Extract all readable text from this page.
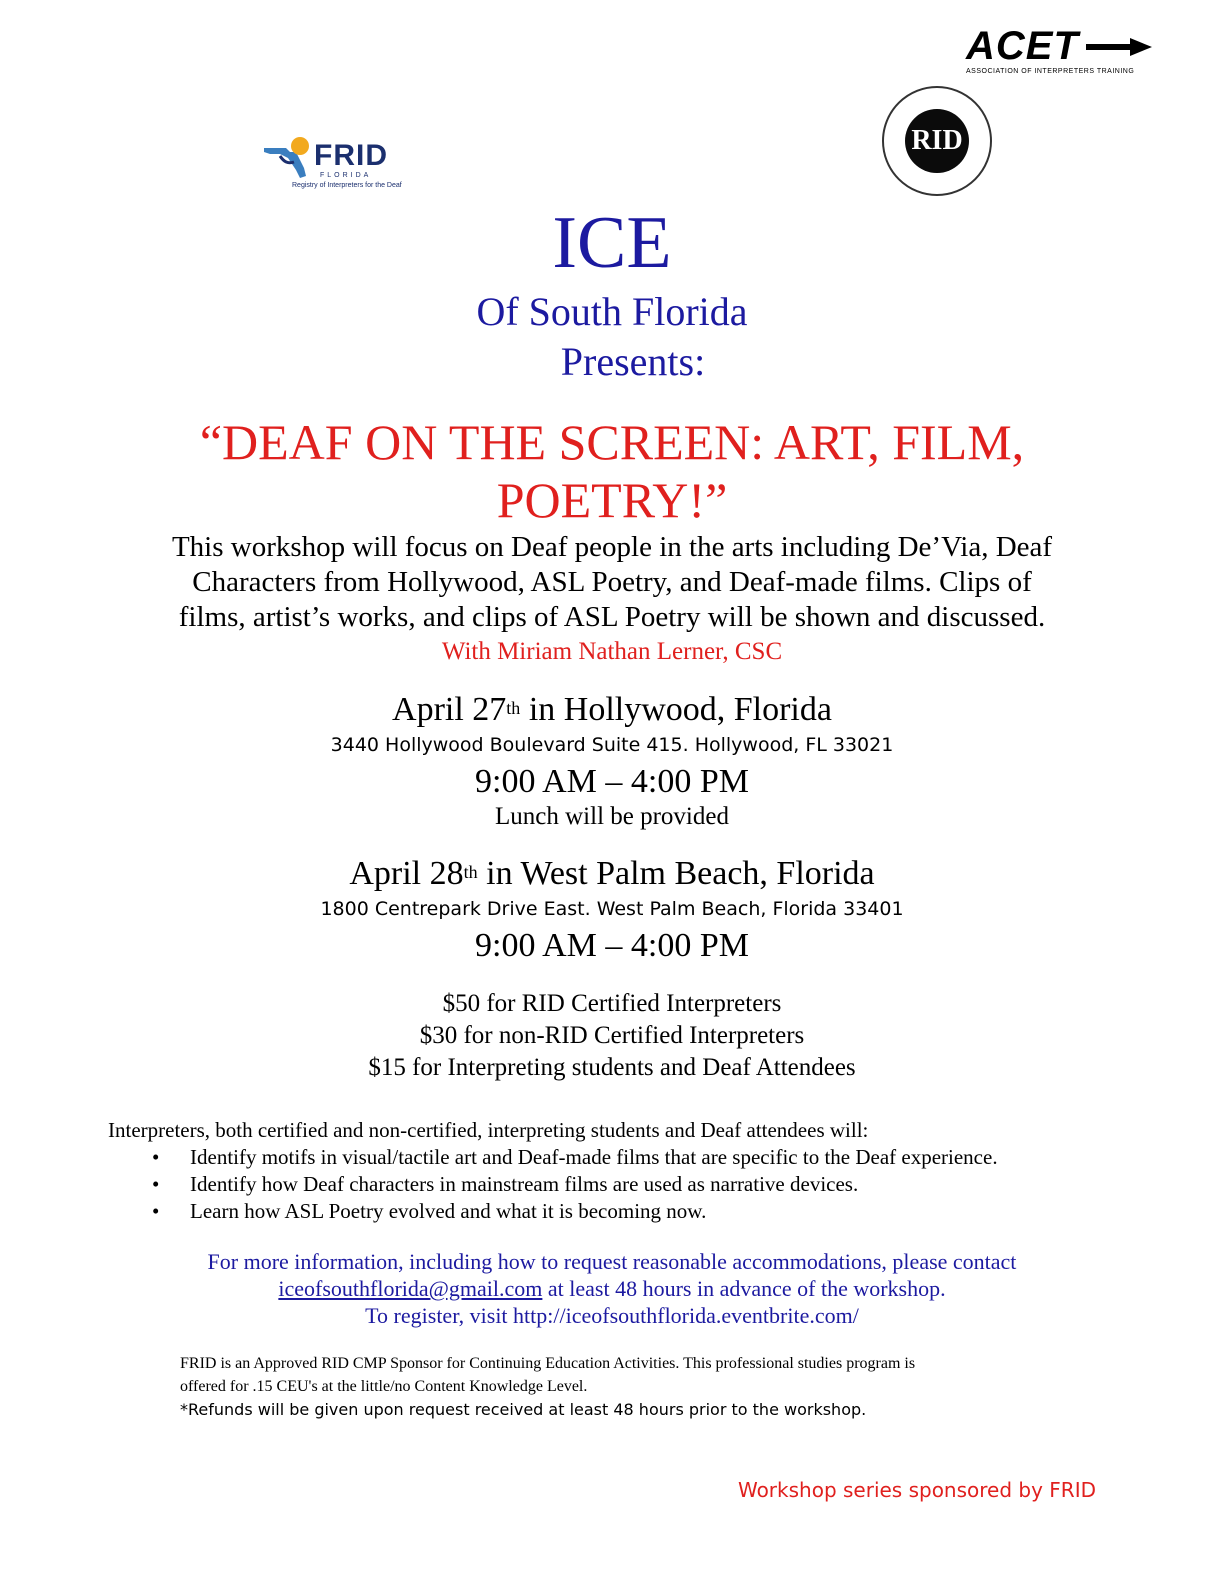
ACET
ASSOCIATION OF INTERPRETERS TRAINING
RID
FRID
FLORIDA
Registry of Interpreters for the Deaf
ICE
Of South Florida
Presents:
“DEAF ON THE SCREEN: ART, FILM,
POETRY!”
This workshop will focus on Deaf people in the arts including De’Via, Deaf
Characters from Hollywood, ASL Poetry, and Deaf-made films. Clips of
films, artist’s works, and clips of ASL Poetry will be shown and discussed.
With Miriam Nathan Lerner, CSC
April 27th in Hollywood, Florida
3440 Hollywood Boulevard Suite 415. Hollywood, FL 33021
9:00 AM – 4:00 PM
Lunch will be provided
April 28th in West Palm Beach, Florida
1800 Centrepark Drive East. West Palm Beach, Florida 33401
9:00 AM – 4:00 PM
$50 for RID Certified Interpreters
$30 for non-RID Certified Interpreters
$15 for Interpreting students and Deaf Attendees
Interpreters, both certified and non-certified, interpreting students and Deaf attendees will:
• Identify motifs in visual/tactile art and Deaf-made films that are specific to the Deaf experience.
• Identify how Deaf characters in mainstream films are used as narrative devices.
• Learn how ASL Poetry evolved and what it is becoming now.
For more information, including how to request reasonable accommodations, please contact
iceofsouthflorida@gmail.com at least 48 hours in advance of the workshop.
To register, visit http://iceofsouthflorida.eventbrite.com/
FRID is an Approved RID CMP Sponsor for Continuing Education Activities. This professional studies program is
offered for .15 CEU's at the little/no Content Knowledge Level.
*Refunds will be given upon request received at least 48 hours prior to the workshop.
Workshop series sponsored by FRID
